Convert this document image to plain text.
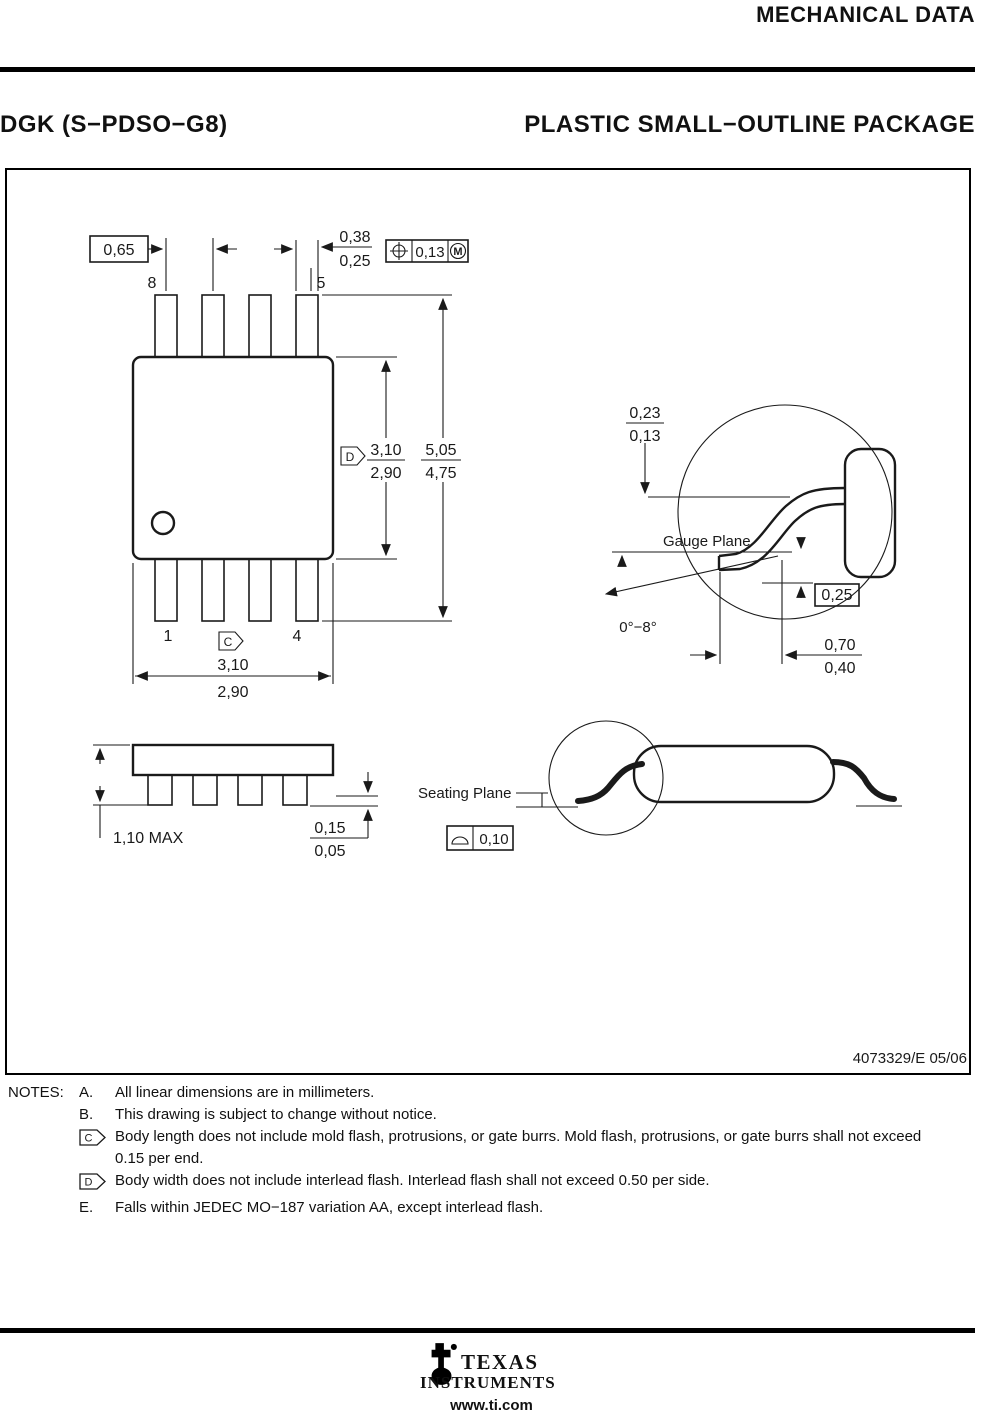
MECHANICAL DATA
DGK (S−PDSO−G8)	PLASTIC SMALL−OUTLINE PACKAGE
8	5
1	4
0,65
0,38
0,25
0,13 M
5,05
4,75
3,10
2,90
D
3,10
2,90
C
Gauge Plane
0,23
0,13
0°−8°
0,25
0,70
0,40
1,10 MAX
0,15
0,05
Seating Plane
0,10
4073329/E 05/06
NOTES: A.	All linear dimensions are in millimeters.
B.	This drawing is subject to change without notice.
C Body length does not include mold flash, protrusions, or gate burrs. Mold flash, protrusions, or gate burrs shall not exceed 0.15 per end.
D Body width does not include interlead flash. Interlead flash shall not exceed 0.50 per side.
E.	Falls within JEDEC MO−187 variation AA, except interlead flash.
TEXAS
INSTRUMENTS
www.ti.com
